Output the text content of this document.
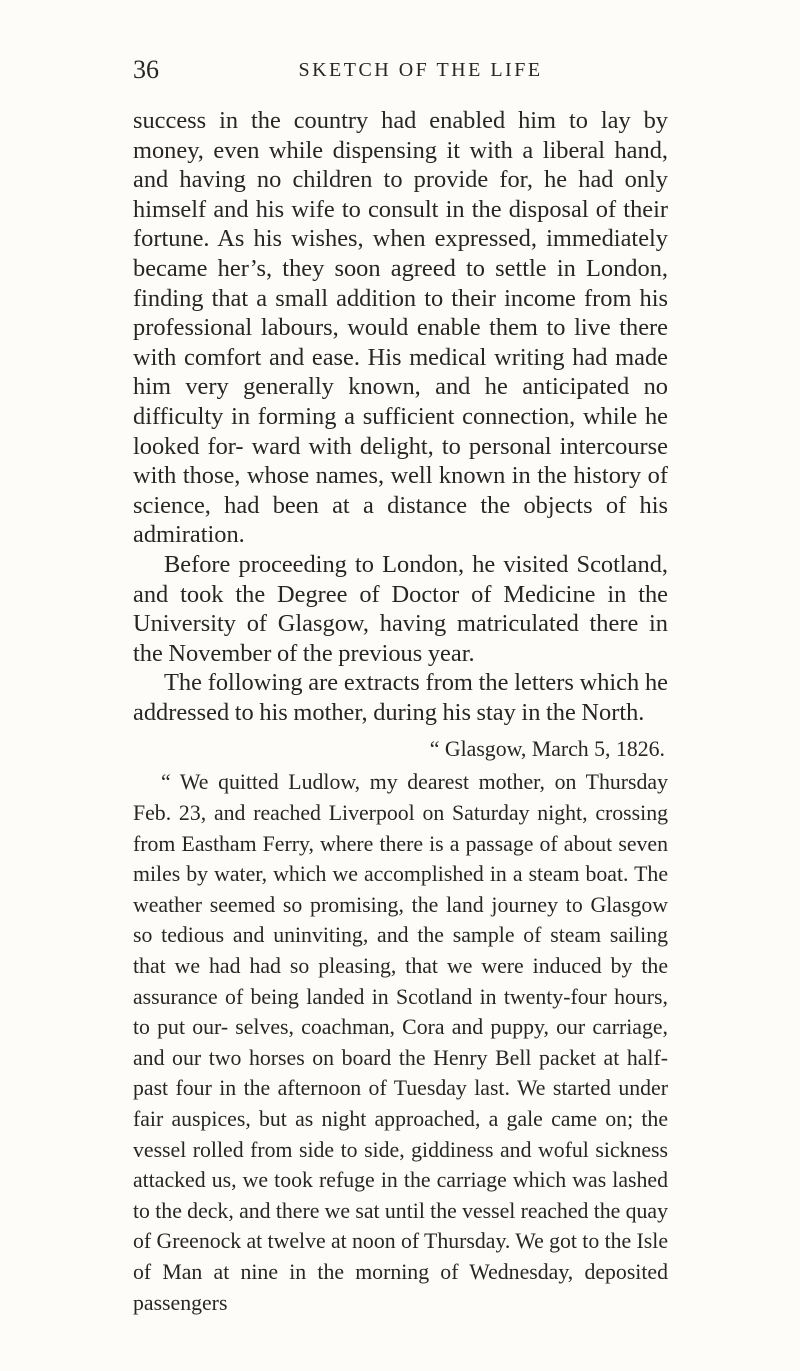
36	SKETCH OF THE LIFE

success in the country had enabled him to lay by money, even while dispensing it with a liberal hand, and having no children to provide for, he had only himself and his wife to consult in the disposal of their fortune. As his wishes, when expressed, immediately became her’s, they soon agreed to settle in London, finding that a small addition to their income from his professional labours, would enable them to live there with comfort and ease. His medical writing had made him very generally known, and he anticipated no difficulty in forming a sufficient connection, while he looked for- ward with delight, to personal intercourse with those, whose names, well known in the history of science, had been at a distance the objects of his admiration.

Before proceeding to London, he visited Scotland, and took the Degree of Doctor of Medicine in the University of Glasgow, having matriculated there in the November of the previous year.

The following are extracts from the letters which he addressed to his mother, during his stay in the North.

“ Glasgow, March 5, 1826.

“ We quitted Ludlow, my dearest mother, on Thursday Feb. 23, and reached Liverpool on Saturday night, crossing from Eastham Ferry, where there is a passage of about seven miles by water, which we accomplished in a steam boat. The weather seemed so promising, the land journey to Glasgow so tedious and uninviting, and the sample of steam sailing that we had had so pleasing, that we were induced by the assurance of being landed in Scotland in twenty-four hours, to put our- selves, coachman, Cora and puppy, our carriage, and our two horses on board the Henry Bell packet at half-past four in the afternoon of Tuesday last. We started under fair auspices, but as night approached, a gale came on; the vessel rolled from side to side, giddiness and woful sickness attacked us, we took refuge in the carriage which was lashed to the deck, and there we sat until the vessel reached the quay of Greenock at twelve at noon of Thursday. We got to the Isle of Man at nine in the morning of Wednesday, deposited passengers
